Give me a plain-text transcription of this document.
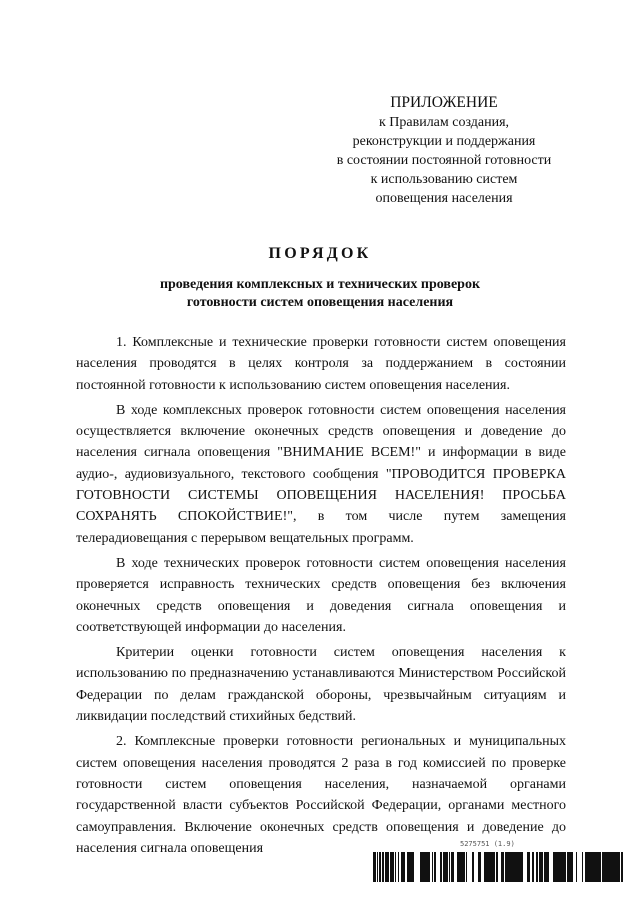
ПРИЛОЖЕНИЕ
к Правилам создания,
реконструкции и поддержания
в состоянии постоянной готовности
к использованию систем
оповещения населения
ПОРЯДОК
проведения комплексных и технических проверок
готовности систем оповещения населения

1. Комплексные и технические проверки готовности систем оповещения населения проводятся в целях контроля за поддержанием в состоянии постоянной готовности к использованию систем оповещения населения.

В ходе комплексных проверок готовности систем оповещения населения осуществляется включение оконечных средств оповещения и доведение до населения сигнала оповещения "ВНИМАНИЕ ВСЕМ!" и информации в виде аудио-, аудиовизуального, текстового сообщения "ПРОВОДИТСЯ ПРОВЕРКА ГОТОВНОСТИ СИСТЕМЫ ОПОВЕЩЕНИЯ НАСЕЛЕНИЯ! ПРОСЬБА СОХРАНЯТЬ СПОКОЙСТВИЕ!", в том числе путем замещения телерадиовещания с перерывом вещательных программ.

В ходе технических проверок готовности систем оповещения населения проверяется исправность технических средств оповещения без включения оконечных средств оповещения и доведения сигнала оповещения и соответствующей информации до населения.

Критерии оценки готовности систем оповещения населения к использованию по предназначению устанавливаются Министерством Российской Федерации по делам гражданской обороны, чрезвычайным ситуациям и ликвидации последствий стихийных бедствий.

2. Комплексные проверки готовности региональных и муниципальных систем оповещения населения проводятся 2 раза в год комиссией по проверке готовности систем оповещения населения, назначаемой органами государственной власти субъектов Российской Федерации, органами местного самоуправления. Включение оконечных средств оповещения и доведение до населения сигнала оповещения	5275751 (1.9)
